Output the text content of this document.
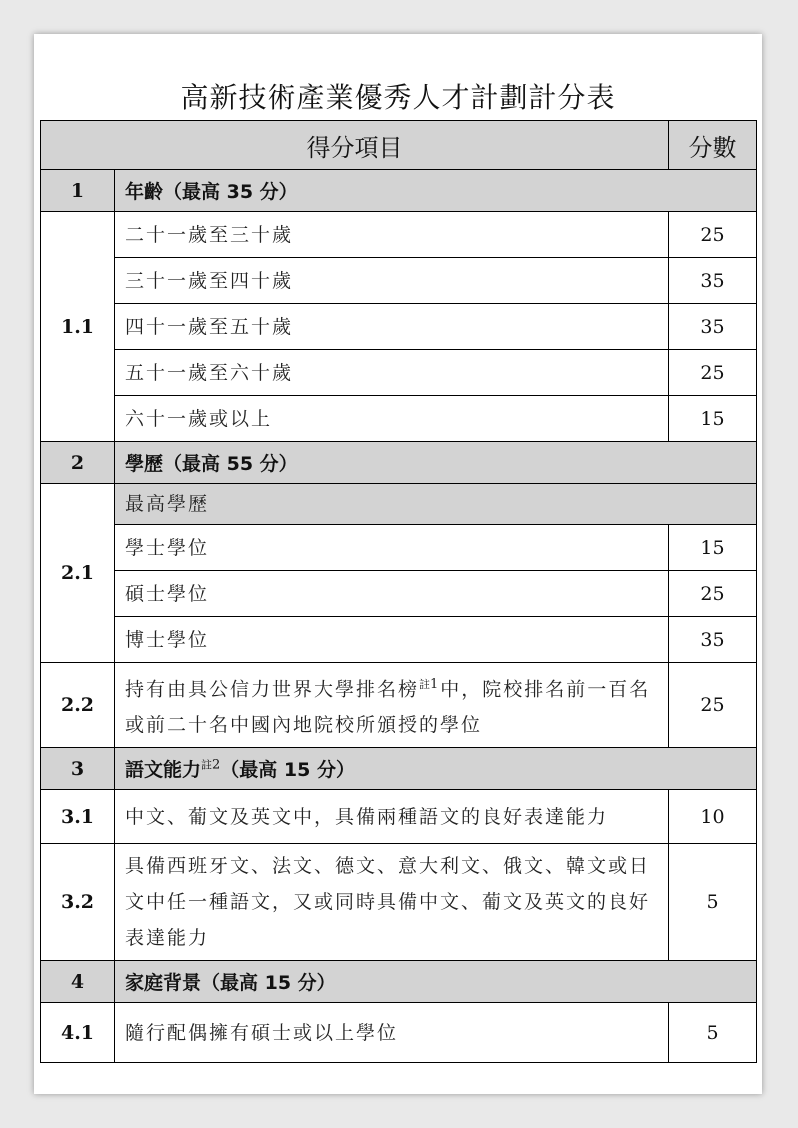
高新技術產業優秀人才計劃計分表
得分項目		分數
1	年齡（最高 35 分）	
1.1	二十一歲至三十歲	25
	三十一歲至四十歲	35
	四十一歲至五十歲	35
	五十一歲至六十歲	25
	六十一歲或以上	15
2	學歷（最高 55 分）	
2.1	最高學歷	
	學士學位	15
	碩士學位	25
	博士學位	35
2.2	持有由具公信力世界大學排名榜$^{註1}$中，院校排名前一百名或前二十名中國內地院校所頒授的學位	25
3	語文能力$^{註2}$（最高 15 分）	
3.1	中文、葡文及英文中，具備兩種語文的良好表達能力	10
3.2	具備西班牙文、法文、德文、意大利文、俄文、韓文或日文中任一種語文，又或同時具備中文、葡文及英文的良好表達能力	5
4	家庭背景（最高 15 分）	
4.1	隨行配偶擁有碩士或以上學位	5
